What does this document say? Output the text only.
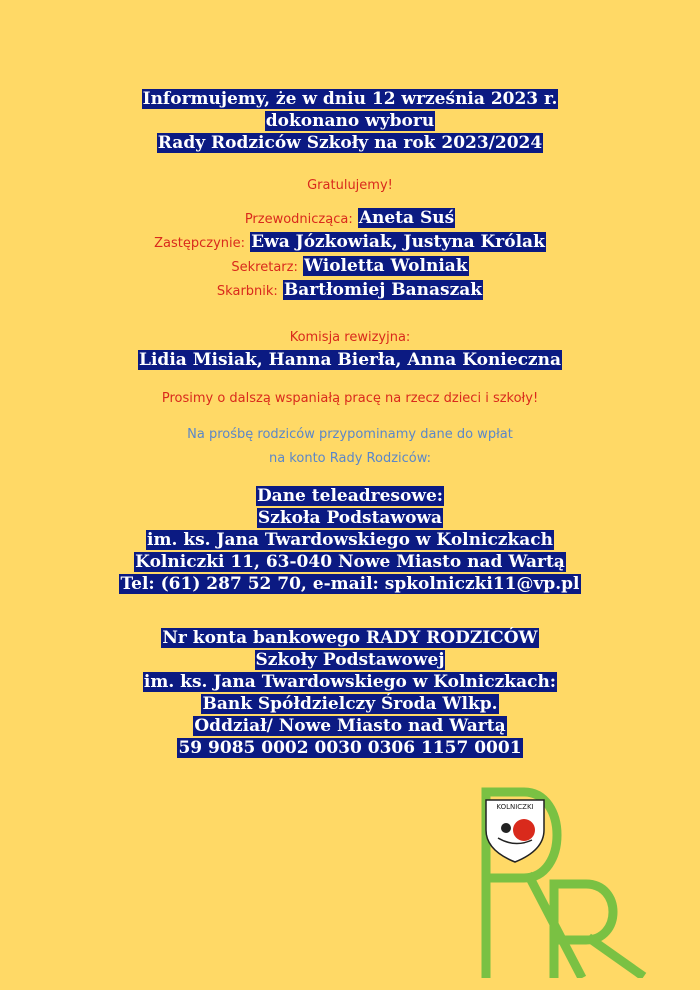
Informujemy, że w dniu 12 września 2023 r.
dokonano wyboru
Rady Rodziców Szkoły na rok 2023/2024
Gratulujemy!
Przewodnicząca: Aneta Suś
Zastępczynie: Ewa Józkowiak, Justyna Królak
Sekretarz: Wioletta Wolniak
Skarbnik: Bartłomiej Banaszak
Komisja rewizyjna:
Lidia Misiak, Hanna Bierła, Anna Konieczna
Prosimy o dalszą wspaniałą pracę na rzecz dzieci i szkoły!
Na prośbę rodziców przypominamy dane do wpłat
na konto Rady Rodziców:
Dane teleadresowe:
Szkoła Podstawowa
im. ks. Jana Twardowskiego w Kolniczkach
Kolniczki 11, 63-040 Nowe Miasto nad Wartą
Tel: (61) 287 52 70, e-mail: spkolniczki11@vp.pl
Nr konta bankowego RADY RODZICÓW
Szkoły Podstawowej
im. ks. Jana Twardowskiego w Kolniczkach:
Bank Spółdzielczy Środa Wlkp.
Oddział/ Nowe Miasto nad Wartą
59 9085 0002 0030 0306 1157 0001
KOLNICZKI
